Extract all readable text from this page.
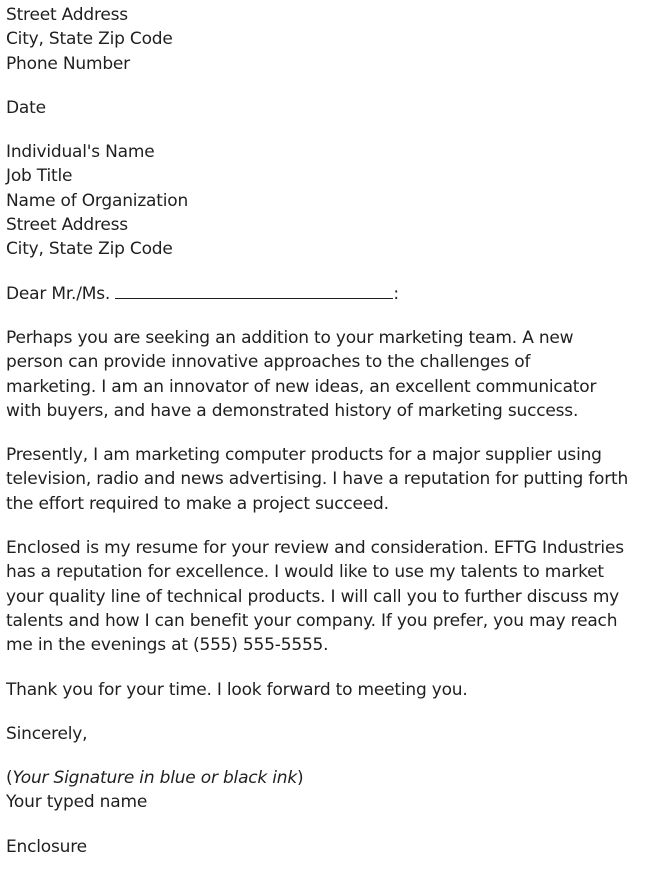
Street Address
City, State Zip Code
Phone Number
Date
Individual's Name
Job Title
Name of Organization
Street Address
City, State Zip Code
Dear Mr./Ms.	:
Perhaps you are seeking an addition to your marketing team. A new
person can provide innovative approaches to the challenges of
marketing. I am an innovator of new ideas, an excellent communicator
with buyers, and have a demonstrated history of marketing success.
Presently, I am marketing computer products for a major supplier using
television, radio and news advertising. I have a reputation for putting forth
the effort required to make a project succeed.
Enclosed is my resume for your review and consideration. EFTG Industries
has a reputation for excellence. I would like to use my talents to market
your quality line of technical products. I will call you to further discuss my
talents and how I can benefit your company. If you prefer, you may reach
me in the evenings at (555) 555-5555.
Thank you for your time. I look forward to meeting you.
Sincerely,
(Your Signature in blue or black ink)
Your typed name
Enclosure
